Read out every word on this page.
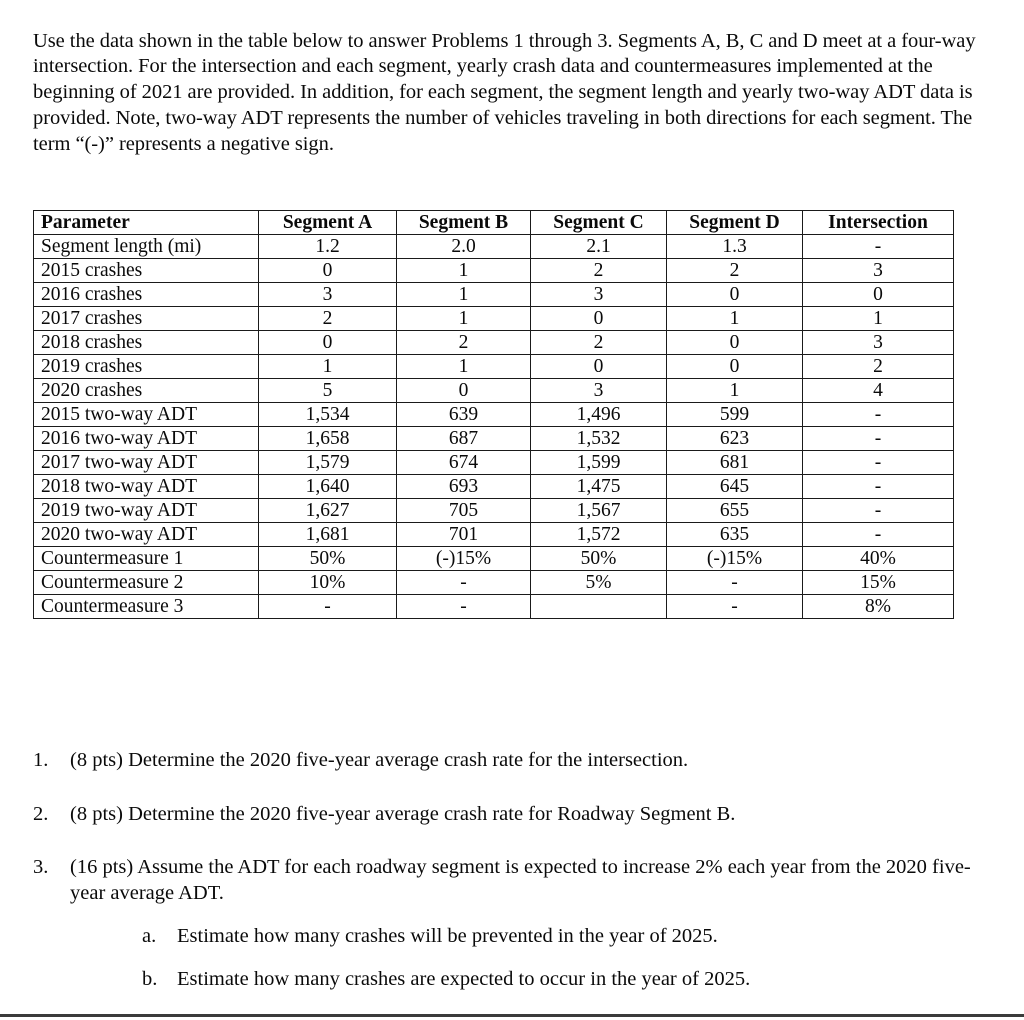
Use the data shown in the table below to answer Problems 1 through 3. Segments A, B, C and D meet at a four-way intersection. For the intersection and each segment, yearly crash data and countermeasures implemented at the beginning of 2021 are provided. In addition, for each segment, the segment length and yearly two-way ADT data is provided. Note, two-way ADT represents the number of vehicles traveling in both directions for each segment. The term “(-)” represents a negative sign.

Parameter	Segment A	Segment B	Segment C	Segment D	Intersection
Segment length (mi)	1.2	2.0	2.1	1.3	-
2015 crashes	0	1	2	2	3
2016 crashes	3	1	3	0	0
2017 crashes	2	1	0	1	1
2018 crashes	0	2	2	0	3
2019 crashes	1	1	0	0	2
2020 crashes	5	0	3	1	4
2015 two-way ADT	1,534	639	1,496	599	-
2016 two-way ADT	1,658	687	1,532	623	-
2017 two-way ADT	1,579	674	1,599	681	-
2018 two-way ADT	1,640	693	1,475	645	-
2019 two-way ADT	1,627	705	1,567	655	-
2020 two-way ADT	1,681	701	1,572	635	-
Countermeasure 1	50%	(-)15%	50%	(-)15%	40%
Countermeasure 2	10%	-	5%	-	15%
Countermeasure 3	-	-		-	8%
1.	(8 pts) Determine the 2020 five-year average crash rate for the intersection.
2.	(8 pts) Determine the 2020 five-year average crash rate for Roadway Segment B.
3.	(16 pts) Assume the ADT for each roadway segment is expected to increase 2% each year from the 2020 five-year average ADT.
a.	Estimate how many crashes will be prevented in the year of 2025.
b. Estimate how many crashes are expected to occur in the year of 2025.
